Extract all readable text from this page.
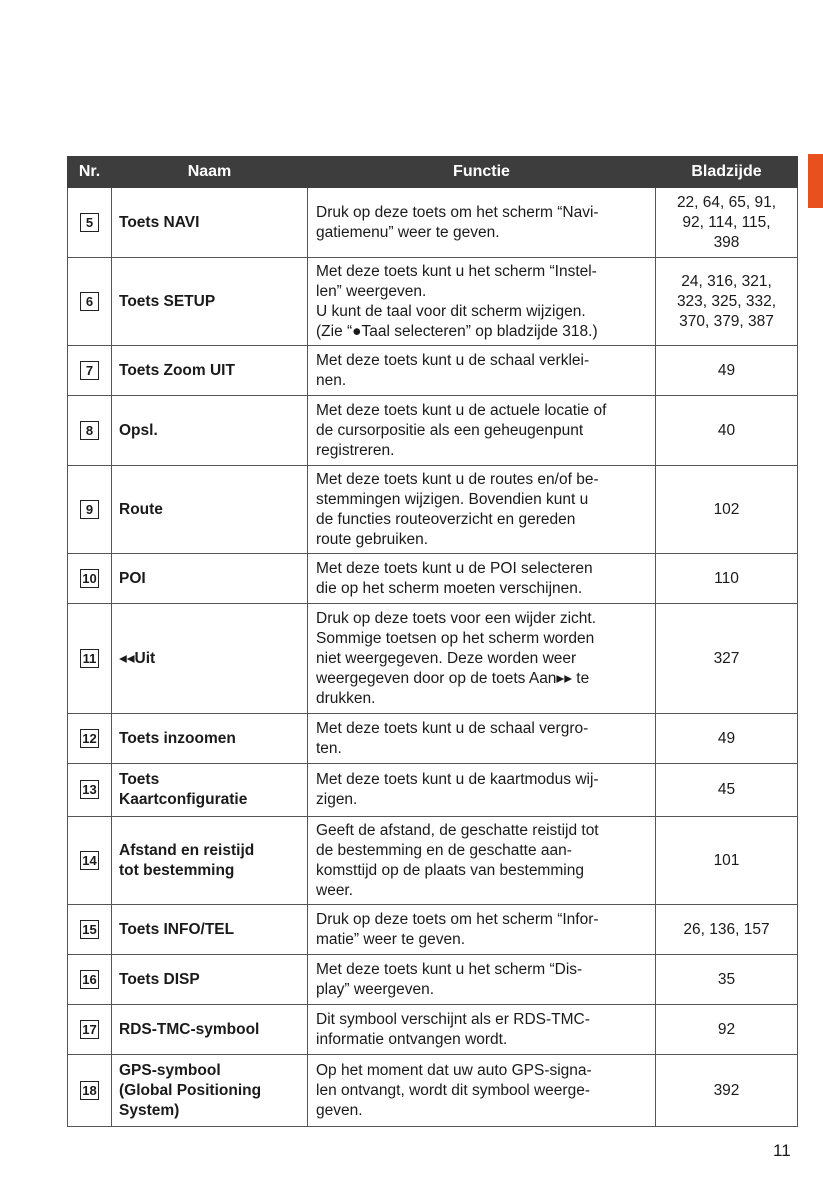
Nr.	Naam	Functie	Bladzijde
5	Toets NAVI	Druk op deze toets om het scherm “Navi-
gatiemenu” weer te geven.	22, 64, 65, 91,
92, 114, 115,
398

6	Toets SETUP	Met deze toets kunt u het scherm “Instel-
len” weergeven.
U kunt de taal voor dit scherm wijzigen.
(Zie “●Taal selecteren” op bladzijde 318.)	24, 316, 321,
323, 325, 332,
370, 379, 387

7	Toets Zoom UIT	Met deze toets kunt u de schaal verklei-
nen.	49

8	Opsl.	Met deze toets kunt u de actuele locatie of
de cursorpositie als een geheugenpunt
registreren.	40

9	Route	Met deze toets kunt u de routes en/of be-
stemmingen wijzigen. Bovendien kunt u
de functies routeoverzicht en gereden
route gebruiken.	102

10	POI	Met deze toets kunt u de POI selecteren
die op het scherm moeten verschijnen.	110

11	◂◂Uit	Druk op deze toets voor een wijder zicht.
Sommige toetsen op het scherm worden
niet weergegeven. Deze worden weer
weergegeven door op de toets Aan▸▸ te
drukken.	327

12	Toets inzoomen	Met deze toets kunt u de schaal vergro-
ten.	49

13	Toets
Kaartconfiguratie	Met deze toets kunt u de kaartmodus wij-
zigen.	45

14	Afstand en reistijd
tot bestemming	Geeft de afstand, de geschatte reistijd tot
de bestemming en de geschatte aan-
komsttijd op de plaats van bestemming
weer.	101

15	Toets INFO/TEL	Druk op deze toets om het scherm “Infor-
matie” weer te geven.	26, 136, 157

16	Toets DISP	Met deze toets kunt u het scherm “Dis-
play” weergeven.	35

17	RDS-TMC-symbool	Dit symbool verschijnt als er RDS-TMC-
informatie ontvangen wordt.	92

18	GPS-symbool
(Global Positioning
System)	Op het moment dat uw auto GPS-signa-
len ontvangt, wordt dit symbool weerge-
geven.	392
11
